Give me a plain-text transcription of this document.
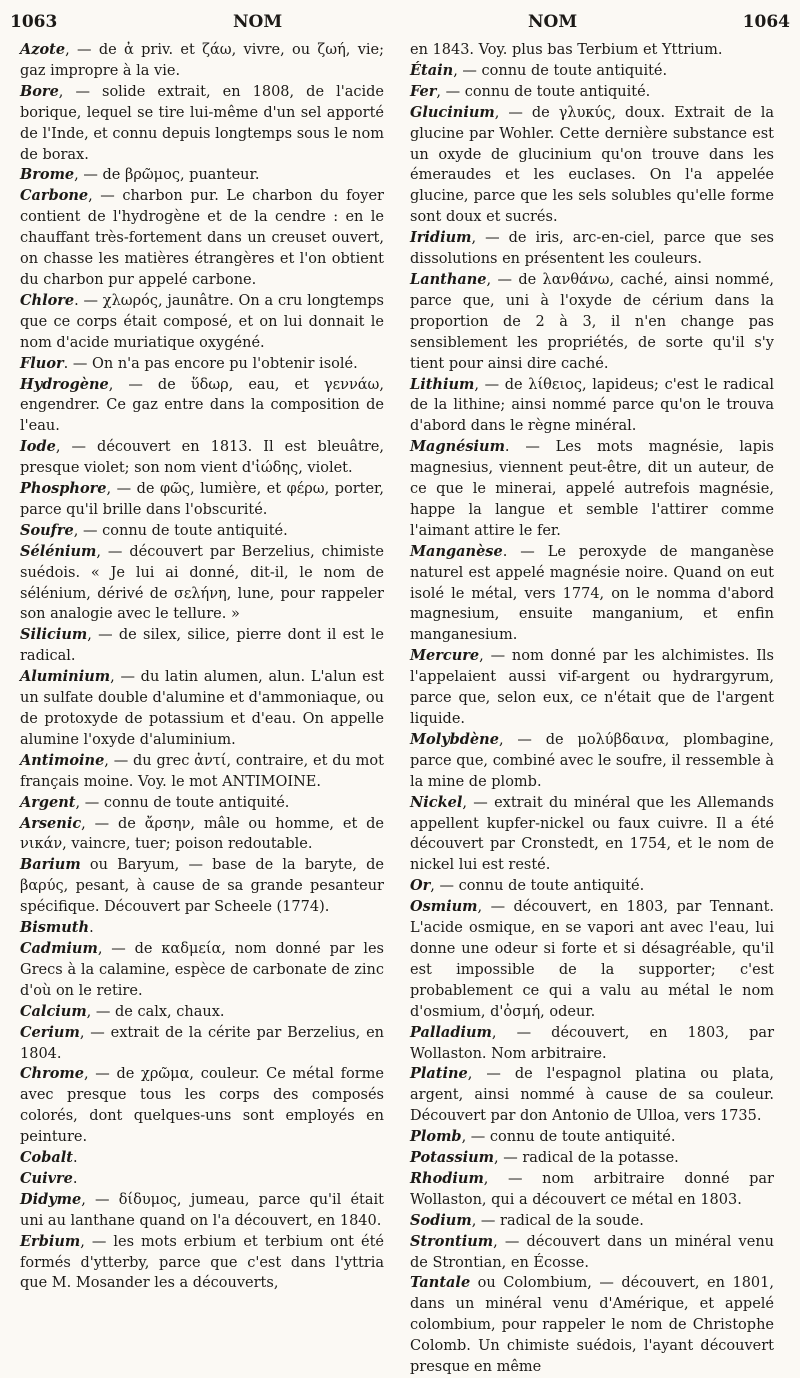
1063	NOM	NOM	1064

Azote, — de ἀ priv. et ζάω, vivre, ou ζωή, vie; gaz impropre à la vie.

Bore, — solide extrait, en 1808, de l'acide borique, lequel se tire lui-même d'un sel apporté de l'Inde, et connu depuis longtemps sous le nom de borax.

Brome, — de βρῶμος, puanteur.

Carbone, — charbon pur. Le charbon du foyer contient de l'hydrogène et de la cendre : en le chauffant très-fortement dans un creuset ouvert, on chasse les matières étrangères et l'on obtient du charbon pur appelé carbone.

Chlore. — χλωρός, jaunâtre. On a cru longtemps que ce corps était composé, et on lui donnait le nom d'acide muriatique oxygéné.

Fluor. — On n'a pas encore pu l'obtenir isolé.

Hydrogène, — de ὕδωρ, eau, et γεννάω, engendrer. Ce gaz entre dans la composition de l'eau.

Iode, — découvert en 1813. Il est bleuâtre, presque violet; son nom vient d'ἰώδης, violet.

Phosphore, — de φῶς, lumière, et φέρω, porter, parce qu'il brille dans l'obscurité.

Soufre, — connu de toute antiquité.

Sélénium, — découvert par Berzelius, chimiste suédois. « Je lui ai donné, dit-il, le nom de sélénium, dérivé de σελήνη, lune, pour rappeler son analogie avec le tellure. »

Silicium, — de silex, silice, pierre dont il est le radical.

Aluminium, — du latin alumen, alun. L'alun est un sulfate double d'alumine et d'ammoniaque, ou de protoxyde de potassium et d'eau. On appelle alumine l'oxyde d'aluminium.

Antimoine, — du grec ἀντί, contraire, et du mot français moine. Voy. le mot ANTIMOINE.

Argent, — connu de toute antiquité.

Arsenic, — de ἄρσην, mâle ou homme, et de νικάν, vaincre, tuer; poison redoutable.

Barium ou Baryum, — base de la baryte, de βαρύς, pesant, à cause de sa grande pesanteur spécifique. Découvert par Scheele (1774).

Bismuth.

Cadmium, — de καδμεία, nom donné par les Grecs à la calamine, espèce de carbonate de zinc d'où on le retire.

Calcium, — de calx, chaux.

Cerium, — extrait de la cérite par Berzelius, en 1804.

Chrome, — de χρῶμα, couleur. Ce métal forme avec presque tous les corps des composés colorés, dont quelques-uns sont employés en peinture.

Cobalt.

Cuivre.

Didyme, — δίδυμος, jumeau, parce qu'il était uni au lanthane quand on l'a découvert, en 1840.

Erbium, — les mots erbium et terbium ont été formés d'ytterby, parce que c'est dans l'yttria que M. Mosander les a découverts,

en 1843. Voy. plus bas Terbium et Yttrium.

Étain, — connu de toute antiquité.

Fer, — connu de toute antiquité.

Glucinium, — de γλυκύς, doux. Extrait de la glucine par Wohler. Cette dernière substance est un oxyde de glucinium qu'on trouve dans les émeraudes et les euclases. On l'a appelée glucine, parce que les sels solubles qu'elle forme sont doux et sucrés.

Iridium, — de iris, arc-en-ciel, parce que ses dissolutions en présentent les couleurs.

Lanthane, — de λανθάνω, caché, ainsi nommé, parce que, uni à l'oxyde de cérium dans la proportion de 2 à 3, il n'en change pas sensiblement les propriétés, de sorte qu'il s'y tient pour ainsi dire caché.

Lithium, — de λίθειος, lapideus; c'est le radical de la lithine; ainsi nommé parce qu'on le trouva d'abord dans le règne minéral.

Magnésium. — Les mots magnésie, lapis magnesius, viennent peut-être, dit un auteur, de ce que le minerai, appelé autrefois magnésie, happe la langue et semble l'attirer comme l'aimant attire le fer.

Manganèse. — Le peroxyde de manganèse naturel est appelé magnésie noire. Quand on eut isolé le métal, vers 1774, on le nomma d'abord magnesium, ensuite manganium, et enfin manganesium.

Mercure, — nom donné par les alchimistes. Ils l'appelaient aussi vif-argent ou hydrargyrum, parce que, selon eux, ce n'était que de l'argent liquide.

Molybdène, — de μολύβδαινα, plombagine, parce que, combiné avec le soufre, il ressemble à la mine de plomb.

Nickel, — extrait du minéral que les Allemands appellent kupfer-nickel ou faux cuivre. Il a été découvert par Cronstedt, en 1754, et le nom de nickel lui est resté.

Or, — connu de toute antiquité.

Osmium, — découvert, en 1803, par Tennant. L'acide osmique, en se vapori ant avec l'eau, lui donne une odeur si forte et si désagréable, qu'il est impossible de la supporter; c'est probablement ce qui a valu au métal le nom d'osmium, d'ὀσμή, odeur.

Palladium, — découvert, en 1803, par Wollaston. Nom arbitraire.

Platine, — de l'espagnol platina ou plata, argent, ainsi nommé à cause de sa couleur. Découvert par don Antonio de Ulloa, vers 1735.

Plomb, — connu de toute antiquité.

Potassium, — radical de la potasse.

Rhodium, — nom arbitraire donné par Wollaston, qui a découvert ce métal en 1803.

Sodium, — radical de la soude.

Strontium, — découvert dans un minéral venu de Strontian, en Écosse.

Tantale ou Colombium, — découvert, en 1801, dans un minéral venu d'Amérique, et appelé colombium, pour rappeler le nom de Christophe Colomb. Un chimiste suédois, l'ayant découvert presque en même
